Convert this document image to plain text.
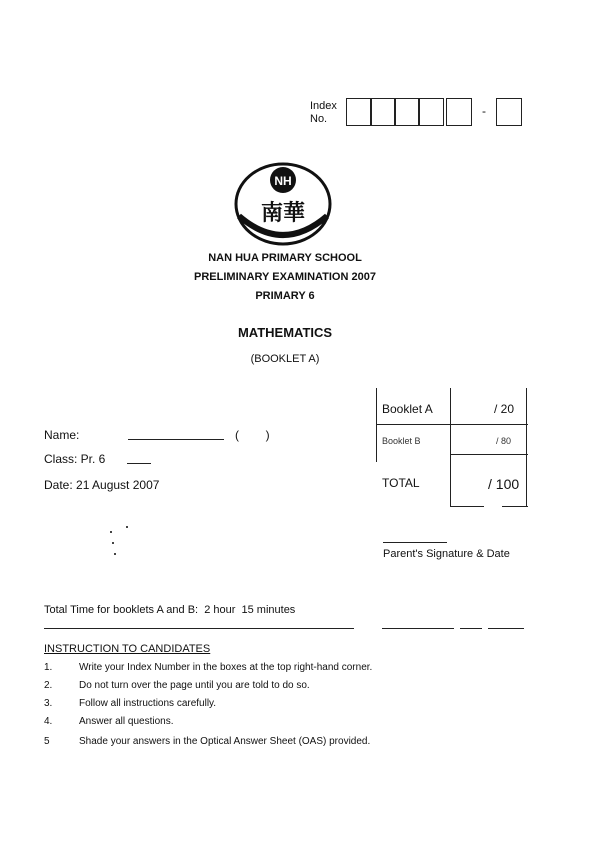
Index
No.
-
NH
南華
NAN HUA PRIMARY SCHOOL
PRELIMINARY EXAMINATION 2007
PRIMARY 6
MATHEMATICS
(BOOKLET A)
Name:	(        )
Class: Pr. 6
Date: 21 August 2007
Booklet A	/ 20
Booklet B	/ 80
TOTAL	/ 100
Parent's Signature & Date
Total Time for booklets A and B:  2 hour  15 minutes
INSTRUCTION TO CANDIDATES
1.	Write your Index Number in the boxes at the top right-hand corner.
2.	Do not turn over the page until you are told to do so.
3.	Follow all instructions carefully.
4.	Answer all questions.
5	Shade your answers in the Optical Answer Sheet (OAS) provided.
